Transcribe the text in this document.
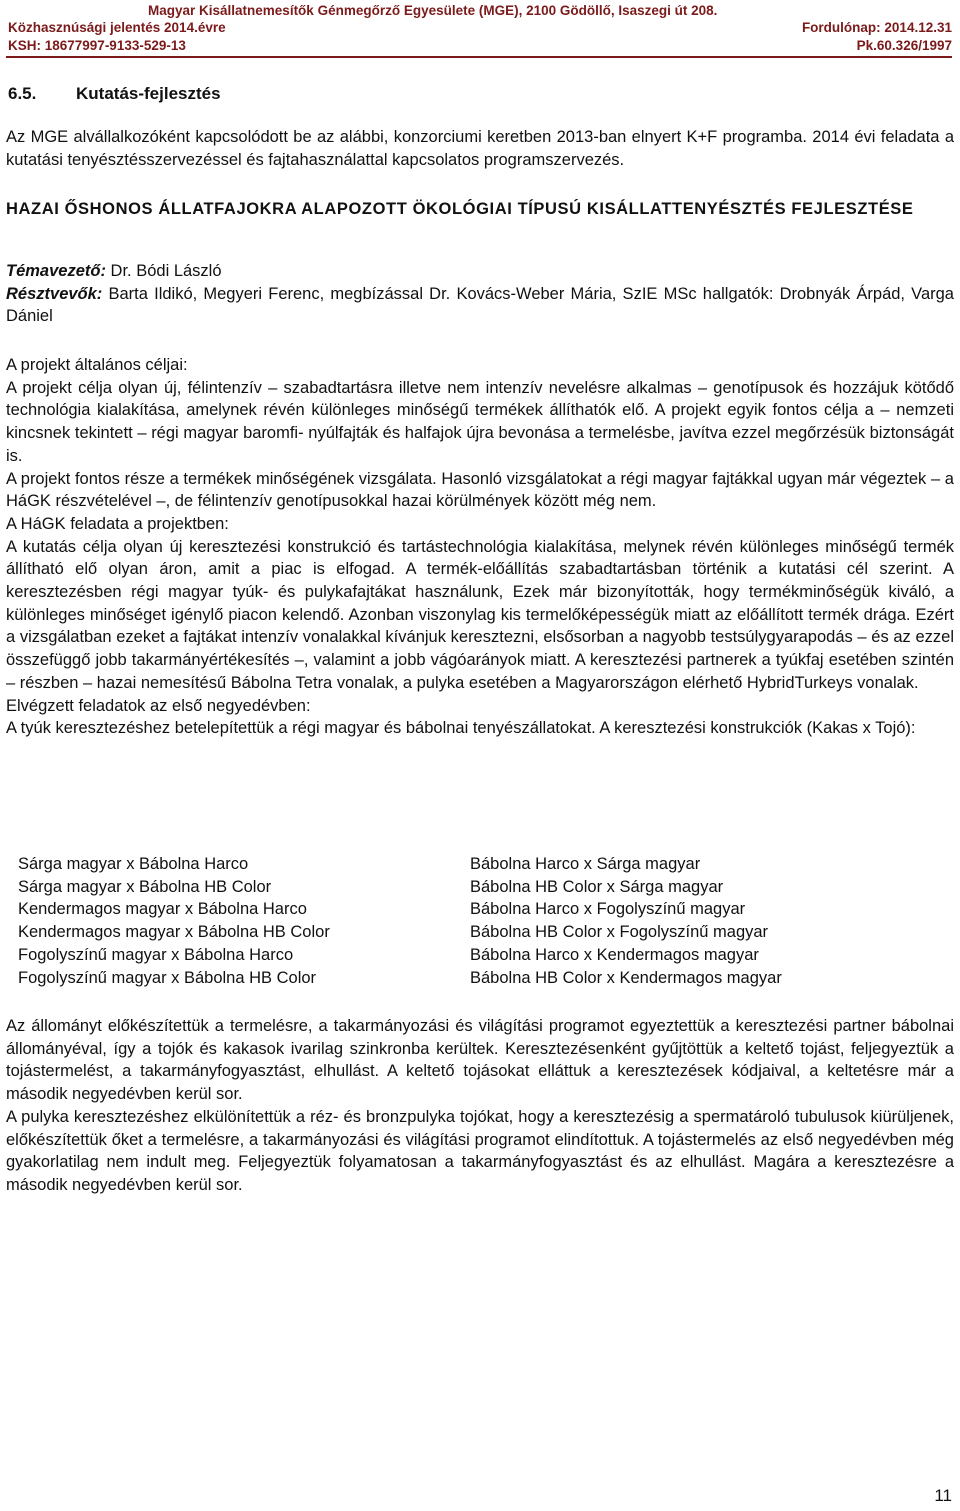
Magyar Kisállatnemesítők Génmegőrző Egyesülete (MGE), 2100 Gödöllő, Isaszegi út 208.
Közhasznúsági jelentés 2014.évre	Fordulónap: 2014.12.31
KSH: 18677997-9133-529-13	Pk.60.326/1997
6.5. Kutatás-fejlesztés

Az MGE alvállalkozóként kapcsolódott be az alábbi, konzorciumi keretben 2013-ban elnyert K+F programba. 2014 évi feladata a kutatási tenyésztésszervezéssel és fajtahasználattal kapcsolatos programszervezés.

HAZAI ŐSHONOS ÁLLATFAJOKRA ALAPOZOTT ÖKOLÓGIAI TÍPUSÚ KISÁLLATTENYÉSZTÉS FEJLESZTÉSE

Témavezető: Dr. Bódi László

Résztvevők: Barta Ildikó, Megyeri Ferenc, megbízással Dr. Kovács-Weber Mária, SzIE MSc hallgatók: Drobnyák Árpád, Varga Dániel

A projekt általános céljai:

A projekt célja olyan új, félintenzív – szabadtartásra illetve nem intenzív nevelésre alkalmas – genotípusok és hozzájuk kötődő technológia kialakítása, amelynek révén különleges minőségű termékek állíthatók elő. A projekt egyik fontos célja a – nemzeti kincsnek tekintett – régi magyar baromfi- nyúlfajták és halfajok újra bevonása a termelésbe, javítva ezzel megőrzésük biztonságát is.

A projekt fontos része a termékek minőségének vizsgálata. Hasonló vizsgálatokat a régi magyar fajtákkal ugyan már végeztek – a HáGK részvételével –, de félintenzív genotípusokkal hazai körülmények között még nem.

A HáGK feladata a projektben:

A kutatás célja olyan új keresztezési konstrukció és tartástechnológia kialakítása, melynek révén különleges minőségű termék állítható elő olyan áron, amit a piac is elfogad. A termék-előállítás szabadtartásban történik a kutatási cél szerint. A keresztezésben régi magyar tyúk- és pulykafajtákat használunk, Ezek már bizonyították, hogy termékminőségük kiváló, a különleges minőséget igénylő piacon kelendő. Azonban viszonylag kis termelőképességük miatt az előállított termék drága. Ezért a vizsgálatban ezeket a fajtákat intenzív vonalakkal kívánjuk keresztezni, elsősorban a nagyobb testsúlygyarapodás – és az ezzel összefüggő jobb takarmányértékesítés –, valamint a jobb vágóarányok miatt. A keresztezési partnerek a tyúkfaj esetében szintén – részben – hazai nemesítésű Bábolna Tetra vonalak, a pulyka esetében a Magyarországon elérhető HybridTurkeys vonalak.

Elvégzett feladatok az első negyedévben:

A tyúk keresztezéshez betelepítettük a régi magyar és bábolnai tenyészállatokat. A keresztezési konstrukciók (Kakas x Tojó):

Sárga magyar x Bábolna Harco
Sárga magyar x Bábolna HB Color
Kendermagos magyar x Bábolna Harco
Kendermagos magyar x Bábolna HB Color
Fogolyszínű magyar x Bábolna Harco
Fogolyszínű magyar x Bábolna HB Color
Bábolna Harco x Sárga magyar
Bábolna HB Color x Sárga magyar
Bábolna Harco x Fogolyszínű magyar
Bábolna HB Color x Fogolyszínű magyar
Bábolna Harco x Kendermagos magyar
Bábolna HB Color x Kendermagos magyar

Az állományt előkészítettük a termelésre, a takarmányozási és világítási programot egyeztettük a keresztezési partner bábolnai állományéval, így a tojók és kakasok ivarilag szinkronba kerültek. Keresztezésenként gyűjtöttük a keltető tojást, feljegyeztük a tojástermelést, a takarmányfogyasztást, elhullást. A keltető tojásokat elláttuk a keresztezések kódjaival, a keltetésre már a második negyedévben kerül sor.

A pulyka keresztezéshez elkülönítettük a réz- és bronzpulyka tojókat, hogy a keresztezésig a spermatároló tubulusok kiürüljenek, előkészítettük őket a termelésre, a takarmányozási és világítási programot elindítottuk. A tojástermelés az első negyedévben még gyakorlatilag nem indult meg. Feljegyeztük folyamatosan a takarmányfogyasztást és az elhullást. Magára a keresztezésre a második negyedévben kerül sor.

11
